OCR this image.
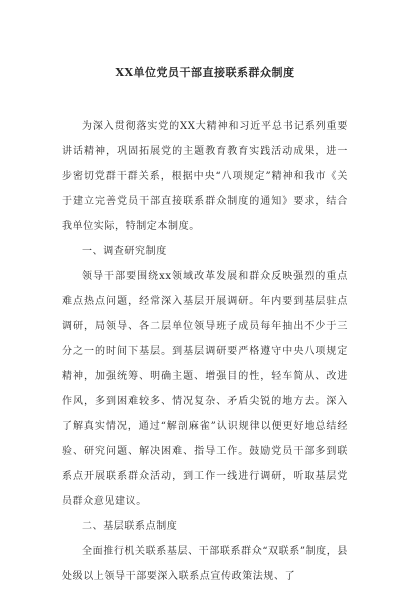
XX单位党员干部直接联系群众制度

为深入贯彻落实党的XX大精神和习近平总书记系列重要讲话精神，巩固拓展党的主题教育教育实践活动成果，进一步密切党群干群关系，根据中央“八项规定”精神和我市《关于建立完善党员干部直接联系群众制度的通知》要求，结合我单位实际，特制定本制度。

一、调查研究制度

领导干部要围绕xx领域改革发展和群众反映强烈的重点难点热点问题，经常深入基层开展调研。年内要到基层驻点调研，局领导、各二层单位领导班子成员每年抽出不少于三分之一的时间下基层。到基层调研要严格遵守中央八项规定精神，加强统筹、明确主题、增强目的性，轻车简从、改进作风，多到困难较多、情况复杂、矛盾尖锐的地方去。深入了解真实情况，通过“解剖麻雀”认识规律以便更好地总结经验、研究问题、解决困难、指导工作。鼓励党员干部多到联系点开展联系群众活动，到工作一线进行调研，听取基层党员群众意见建议。

二、基层联系点制度

全面推行机关联系基层、干部联系群众“双联系”制度，县处级以上领导干部要深入联系点宣传政策法规、了
